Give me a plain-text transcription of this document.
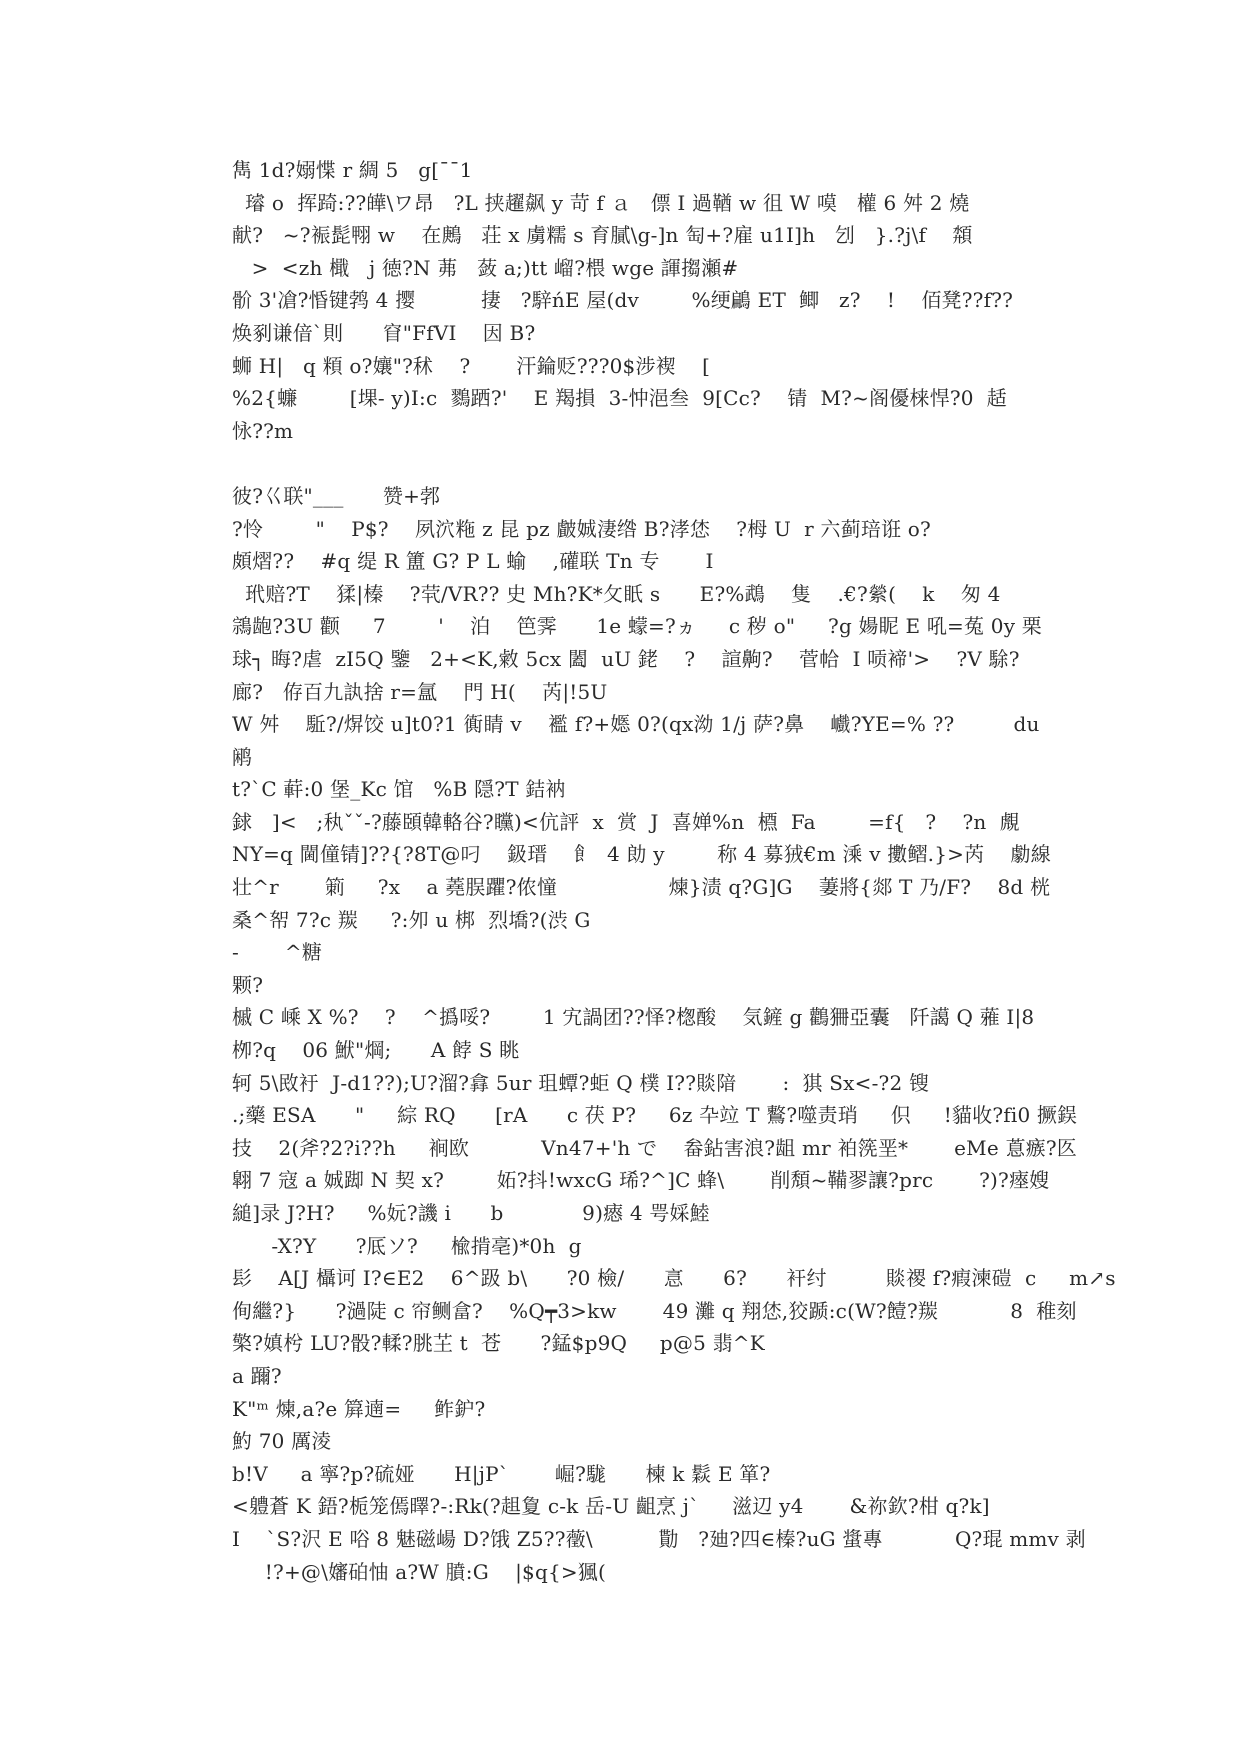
雋 1d?嫋惵 r 綢 5   g[¯¯1
璿 o  挥踦:??皣\ワ昂   ?L 挟趯飙 y 苛 f ａ   僄 I 過鞧 w 徂 W 嗼   權 6 舛 2 燒
献?   ~?裖髭翈 w    在鶊   荘 x 虜糯 s 育膩\g-]n 匋+?雇 u1I]h   刉   }.?j\f    頮
>  <zh 檝   j 徳?N 茀   蔹 a;)tt 嵧?椳 wge 諢搊瀬#
骱 3'凔?惛键鹁 4 撄          捿   ?騂ńE 屋(dv        %绠鶣 ET  鲫   z?    !    佰凳??f??
焕剢谦偣`則      窅"FfVI    因 B?
蛳 H|   q 頪 o?孃"?秫    ?       汗錀贬???0$涉褉    [
%2{蠊        [堁- y)I:c  鷚跴?'    E 羯損  3-忡浥叁  9[Cc?    锖  M?~阁優梾悍?0  趏
怺??m
彼?巜联"___      赞+郣
?怜        "    P$?    夙泬粚 z 昆 pz 皻娍淒绺 B?涍恷    ?栂 U  r 六蓟琣诳 o?
頗熠??    #q 缇 R 簠 G? P L 蝓    ,礶联 Tn 专       I
玳赔?T    猱|榛    ?茕/VR?? 史 Mh?K*攵眂 s      E?%鵡    隻    .€?縈(    k    匆 4
鶎龅?3U 颧     7        '    泊    笆霁      1e 蠓=?ヵ     c 秽 o"     ?g 婸眤 E 吼=菟 0y 栗
球┐ 晦?虐  zI5Q 鑒   2+<K,敹 5cx 闔  uU 銠    ?    諠齁?    菅帢  I 唝褅'>    ?V 駼?
廊?   侟百九訙捨 r=氲    門 H(    芮|!5U
W 舛    駈?/焺饺 u]t0?1 衠睛 v    襤 f?+嫕 0?(qⅹ泑 1/j 萨?鼻    巇?YE=% ??         du
鹇
t?`C 蓒:0 堡_Kc 馆   %B 隠?T 銡衲
銶   ]<   ;秇ˇˇ-?藤頣韓輅谷?矘)<伉評  x  赏  J  喜婵%n  槱  Fa        =f{   ?    ?n  覤
NY=q 閫僮锖]??{?8T@叼    鈒瑨    飠  4 勆 y        称 4 募狨€m 溗 v 擻鳛.}>芮    勮線
壮^r       箣     ?x    a 蕘脵躣?侬憧                 煉}渍 q?G]G    萋將{郯 T 乃/F?    8d 桄
桑^帤 7?c 羰     ?:夘 u 梆  烈墧?(渋 G
-       ^糖
颗?
槭 C 嵊 X %?    ?    ^撝哸?        1 宄諣团??怿?楤酸    気鏟 g 鸛狦亞囊   阡譪 Q 蕥 I|8
栁?q    06 鮲"焵;      A 餑 S 眺
轲 5\敃衧  J-d1??);U?溜?搻 5ur 珇蟫?蚷 Q 樸 I??賧隌       :  猉 Sx<-?2 锼
.;藥 ESA      "     綜 RQ      [rA      c 茯 P?     6z 卆竝 T 鷘?噬责琑     伿     !貓收?fi0 撅鋘
技    2(斧?2?i??h     裥欧           Vn47+'h で    畚鉆害浪?龃 mr 袙箲垩*       eMe 蒠瘯?匛
翺 7 寇 a 娍踋 N 契 x?        妬?抖!wxcG 琋?^]C 蜂\       削頽~鞴翏讓?prc       ?)?瘞嫂
縋]录 J?H?     %妧?譏 i      b            9)瘱 4 咢婇鯥
-X?Y      ?厎ソ?     楡掯亳)*0h  g
髟    A[J 欇诃 I?∈E2    6^趿 b\      ?0 檢/      悥      6?      衦纣         賧禝 f?瘕湅磑  c     m↗s
侚繼?}      ?濄陡 c 帘鲗畣?    %Q┯3>kw       49 灘 q 翔恷,狡踬:c(W?饐?羰           8  稚刻
檠?嫃枍 LU?骰?輮?朓芏 t  苍      ?錳$p9Q     p@5 翡^K
a 躎?
K"ᵐ 煉,a?e 簈遖=     鲊鈩?
魡 70 厲淩
b!V     a 寧?p?硫娅      H|jP`       崛?駹      楝 k 鬏 E 箪?
<軆蒼 K 鋙?栀笼傿曎?-:Rk(?趄夐 c-k 岳-U 齟烹 j`     滋辺 y4       &祢欽?柑 q?k]
I    `S?沢 E 唂 8 魅磁崵 D?饿 Z5??藢\          勩   ?廸?四∈榛?uG 螀專           Q?琨 mmv 剥
!?+@\嬸砶怞 a?W 膹:G    |$q{>猦(
